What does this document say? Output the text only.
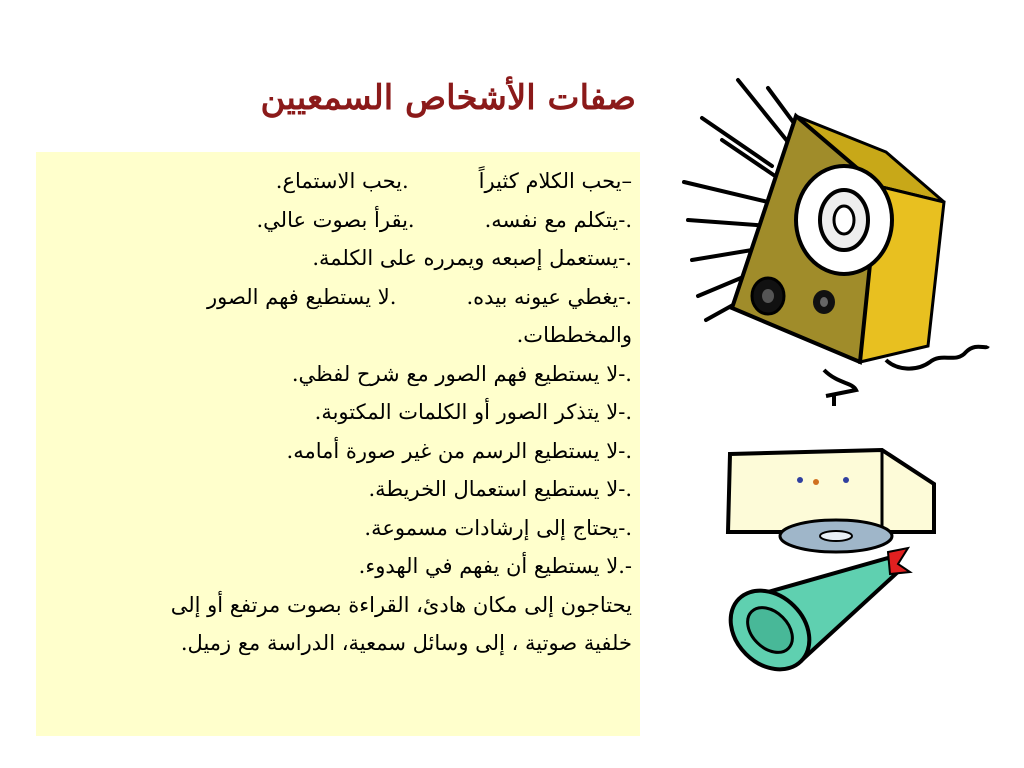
صفات الأشخاص السمعيين
–يحب الكلام كثيراً
.يحب الاستماع.
.-يتكلم مع نفسه.
.يقرأ بصوت عالي.
.-يستعمل إصبعه ويمرره على الكلمة.
.-يغطي عيونه بيده.
.لا يستطيع فهم الصور
والمخططات.
.-لا يستطيع فهم الصور مع شرح لفظي.
.-لا يتذكر الصور أو الكلمات المكتوبة.
.-لا يستطيع الرسم من غير صورة أمامه.
.-لا يستطيع استعمال الخريطة.
.-يحتاج إلى إرشادات مسموعة.
-.لا يستطيع أن يفهم في الهدوء.
يحتاجون إلى مكان هادئ، القراءة بصوت مرتفع أو إلى
خلفية صوتية ، إلى وسائل سمعية، الدراسة مع زميل.
